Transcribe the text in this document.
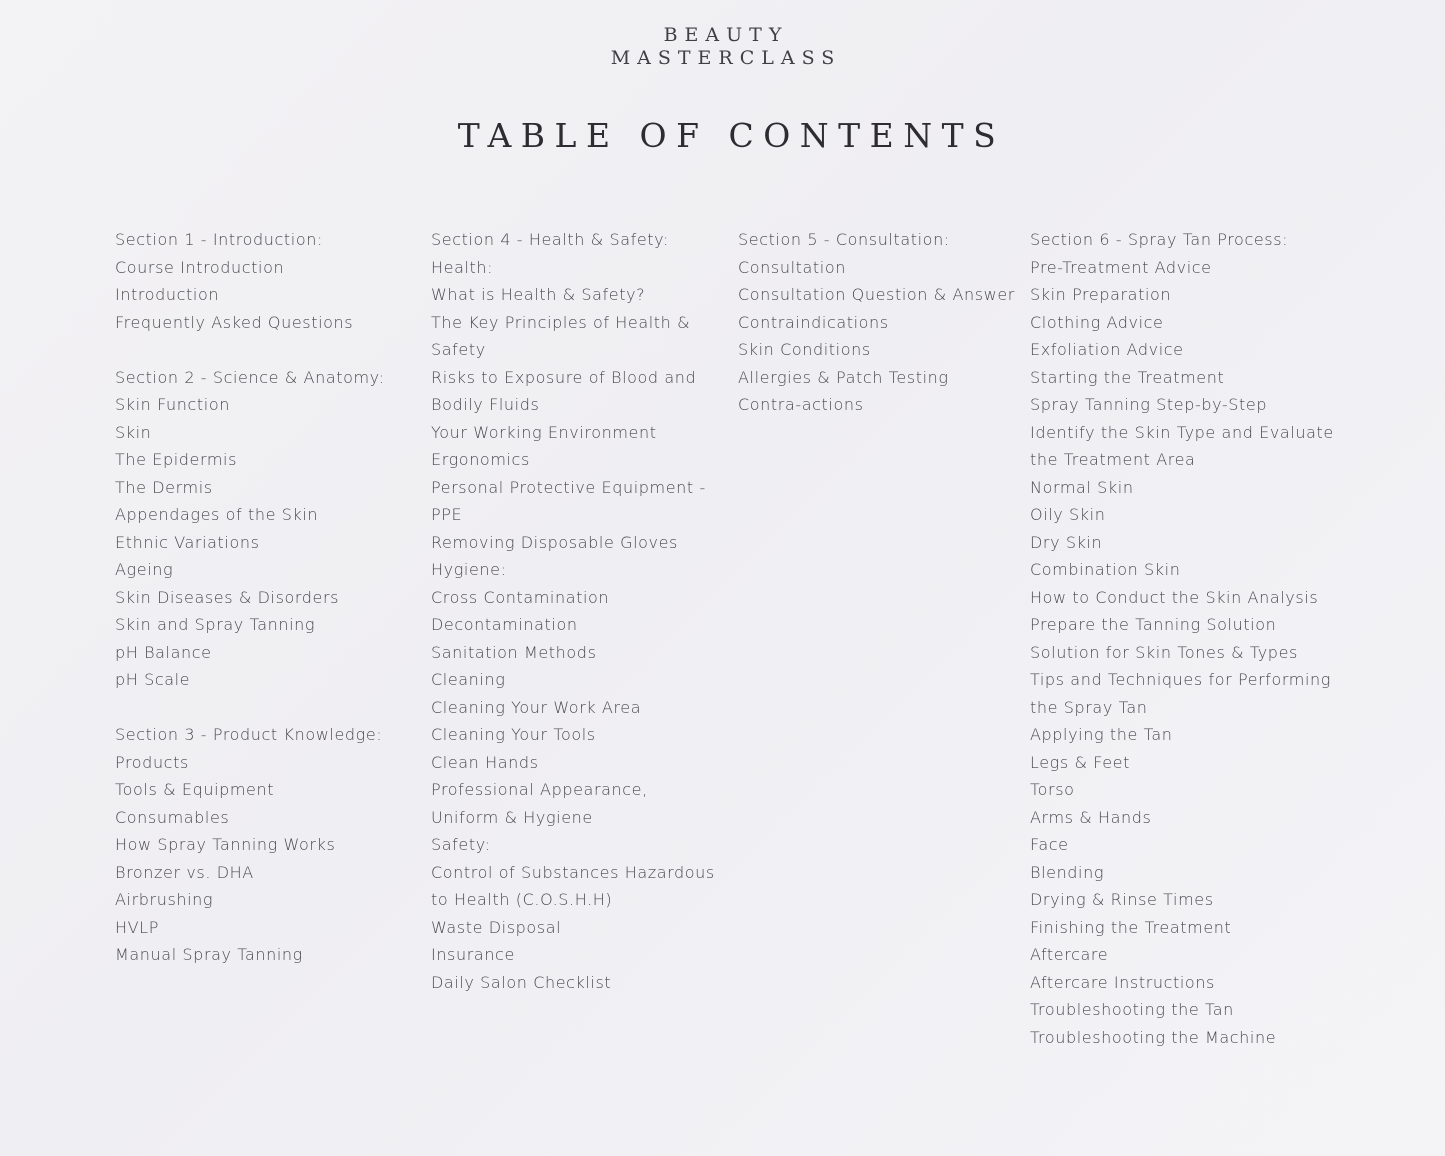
BEAUTY
MASTERCLASS
TABLE OF CONTENTS
Section 1 - Introduction:
Course Introduction
Introduction
Frequently Asked Questions
Section 2 - Science & Anatomy:
Skin Function
Skin
The Epidermis
The Dermis
Appendages of the Skin
Ethnic Variations
Ageing
Skin Diseases & Disorders
Skin and Spray Tanning
pH Balance
pH Scale
Section 3 - Product Knowledge:
Products
Tools & Equipment
Consumables
How Spray Tanning Works
Bronzer vs. DHA
Airbrushing
HVLP
Manual Spray Tanning
Section 4 - Health & Safety:
Health:
What is Health & Safety?
The Key Principles of Health & Safety
Risks to Exposure of Blood and Bodily Fluids
Your Working Environment
Ergonomics
Personal Protective Equipment - PPE
Removing Disposable Gloves
Hygiene:
Cross Contamination
Decontamination
Sanitation Methods
Cleaning
Cleaning Your Work Area
Cleaning Your Tools
Clean Hands
Professional Appearance, Uniform & Hygiene
Safety:
Control of Substances Hazardous to Health (C.O.S.H.H)
Waste Disposal
Insurance
Daily Salon Checklist
Section 5 - Consultation:
Consultation
Consultation Question & Answer
Contraindications
Skin Conditions
Allergies & Patch Testing
Contra-actions
Section 6 - Spray Tan Process:
Pre-Treatment Advice
Skin Preparation
Clothing Advice
Exfoliation Advice
Starting the Treatment
Spray Tanning Step-by-Step
Identify the Skin Type and Evaluate
the Treatment Area
Normal Skin
Oily Skin
Dry Skin
Combination Skin
How to Conduct the Skin Analysis
Prepare the Tanning Solution
Solution for Skin Tones & Types
Tips and Techniques for Performing
the Spray Tan
Applying the Tan
Legs & Feet
Torso
Arms & Hands
Face
Blending
Drying & Rinse Times
Finishing the Treatment
Aftercare
Aftercare Instructions
Troubleshooting the Tan
Troubleshooting the Machine
